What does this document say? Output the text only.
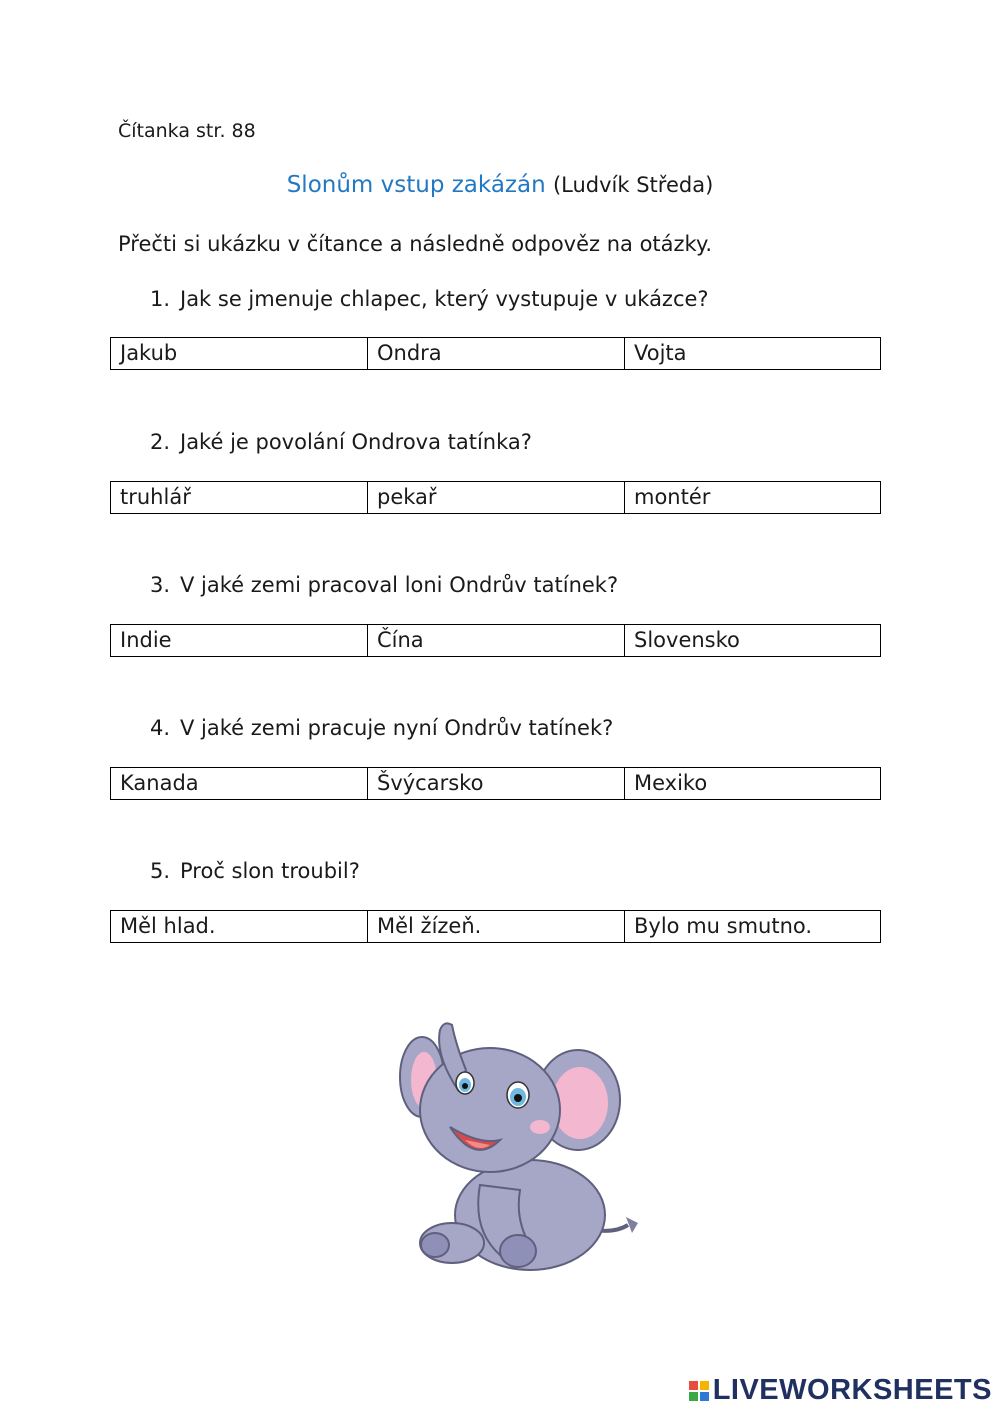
Čítanka str. 88
Slonům vstup zakázán (Ludvík Středa)
Přečti si ukázku v čítance a následně odpověz na otázky.
1. Jak se jmenuje chlapec, který vystupuje v ukázce?
Jakub	Ondra	Vojta
2. Jaké je povolání Ondrova tatínka?
truhlář	pekař	montér
3. V jaké zemi pracoval loni Ondrův tatínek?
Indie	Čína	Slovensko
4. V jaké zemi pracuje nyní Ondrův tatínek?
Kanada	Švýcarsko	Mexiko
5. Proč slon troubil?
Měl hlad.	Měl žízeň.	Bylo mu smutno.
LIVEWORKSHEETS
